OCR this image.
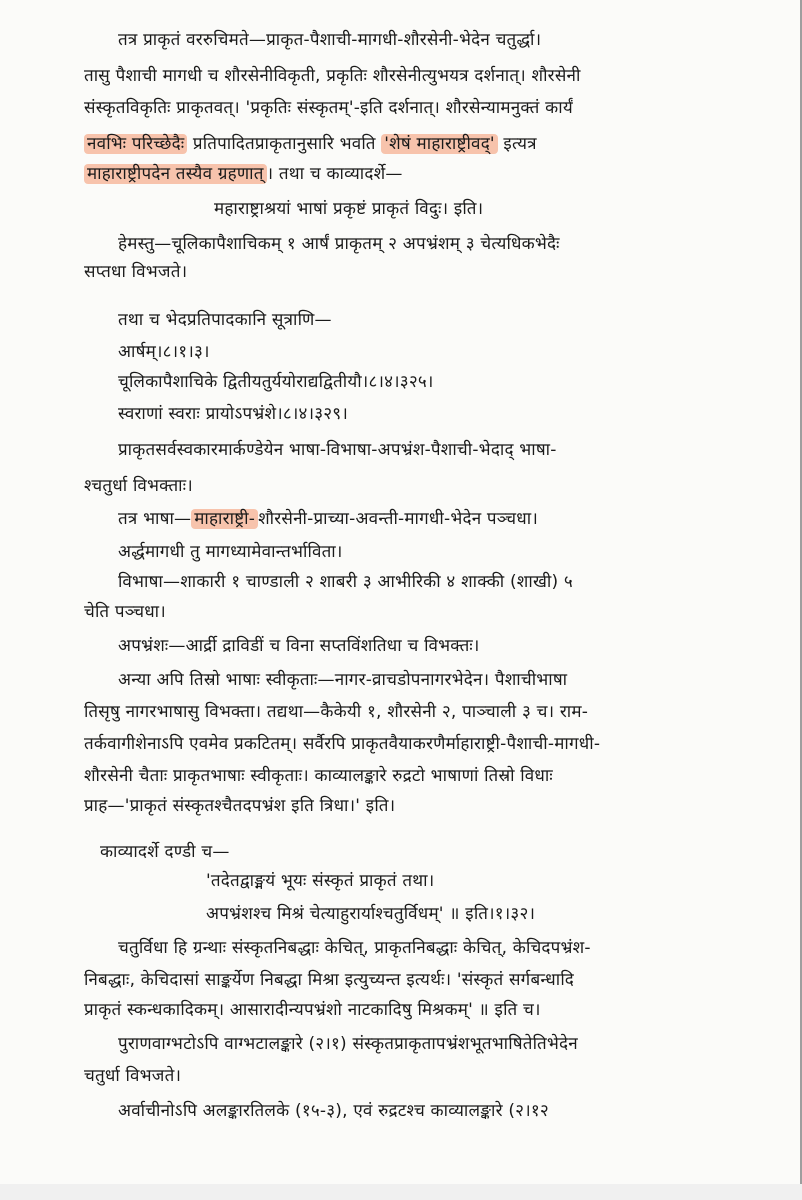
तत्र प्राकृतं वररुचिमते—प्राकृत-पैशाची-मागधी-शौरसेनी-भेदेन चतुर्द्धा।
तासु पैशाची मागधी च शौरसेनीविकृती, प्रकृतिः शौरसेनीत्युभयत्र दर्शनात्। शौरसेनी
संस्कृतविकृतिः प्राकृतवत्। 'प्रकृतिः संस्कृतम्'-इति दर्शनात्। शौरसेन्यामनुक्तं कार्यं
नवभिः परिच्छेदैः प्रतिपादितप्राकृतानुसारि भवति 'शेषं माहाराष्ट्रीवद्' इत्यत्र
माहाराष्ट्रीपदेन तस्यैव ग्रहणात् । तथा च काव्यादर्शे—
महाराष्ट्राश्रयां भाषां प्रकृष्टं प्राकृतं विदुः। इति।
हेमस्तु—चूलिकापैशाचिकम् १ आर्षं प्राकृतम् २ अपभ्रंशम् ३ चेत्यधिकभेदैः
सप्तधा विभजते।
तथा च भेदप्रतिपादकानि सूत्राणि—
आर्षम्।८।१।३।
चूलिकापैशाचिके द्वितीयतुर्ययोराद्यद्वितीयौ।८।४।३२५।
स्वराणां स्वराः प्रायोऽपभ्रंशे।८।४।३२९।
प्राकृतसर्वस्वकारमार्कण्डेयेन भाषा-विभाषा-अपभ्रंश-पैशाची-भेदाद् भाषा-
श्चतुर्धा विभक्ताः।
तत्र भाषा— माहाराष्ट्री- शौरसेनी-प्राच्या-अवन्ती-मागधी-भेदेन पञ्चधा।
अर्द्धमागधी तु मागध्यामेवान्तर्भाविता।
विभाषा—शाकारी १ चाण्डाली २ शाबरी ३ आभीरिकी ४ शाक्की (शाखी) ५
चेति पञ्चधा।
अपभ्रंशः—आर्द्री द्राविडीं च विना सप्तविंशतिधा च विभक्तः।
अन्या अपि तिस्रो भाषाः स्वीकृताः—नागर-व्राचडोपनागरभेदेन। पैशाचीभाषा
तिसृषु नागरभाषासु विभक्ता। तद्यथा—कैकेयी १, शौरसेनी २, पाञ्चाली ३ च। राम-
तर्कवागीशेनाऽपि एवमेव प्रकटितम्। सर्वैरपि प्राकृतवैयाकरणैर्माहाराष्ट्री-पैशाची-मागधी-
शौरसेनी चैताः प्राकृतभाषाः स्वीकृताः। काव्यालङ्कारे रुद्रटो भाषाणां तिस्रो विधाः
प्राह—'प्राकृतं संस्कृतश्चैतदपभ्रंश इति त्रिधा।' इति।
काव्यादर्शे दण्डी च—
'तदेतद्वाङ्मयं भूयः संस्कृतं प्राकृतं तथा।
अपभ्रंशश्च मिश्रं चेत्याहुरार्याश्चतुर्विधम्' ॥ इति।१।३२।
चतुर्विधा हि ग्रन्थाः संस्कृतनिबद्धाः केचित्, प्राकृतनिबद्धाः केचित्, केचिदपभ्रंश-
निबद्धाः, केचिदासां साङ्कर्येण निबद्धा मिश्रा इत्युच्यन्त इत्यर्थः। 'संस्कृतं सर्गबन्धादि
प्राकृतं स्कन्धकादिकम्। आसारादीन्यपभ्रंशो नाटकादिषु मिश्रकम्' ॥ इति च।
पुराणवाग्भटोऽपि वाग्भटालङ्कारे (२।१) संस्कृतप्राकृतापभ्रंशभूतभाषितेतिभेदेन
चतुर्धा विभजते।
अर्वाचीनोऽपि अलङ्कारतिलके (१५-३), एवं रुद्रटश्च काव्यालङ्कारे (२।१२
